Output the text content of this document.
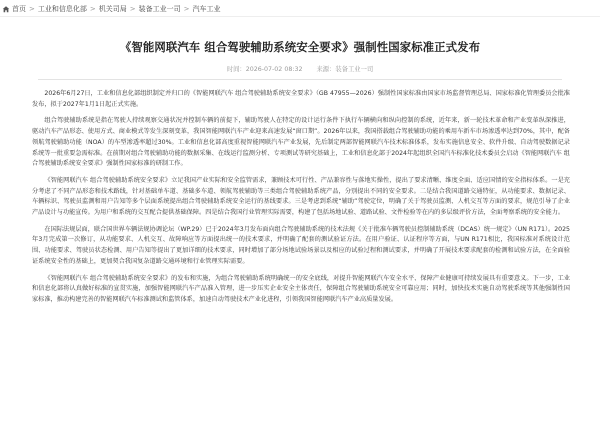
首页 > 工业和信息化部 > 机关司局 > 装备工业一司 > 汽车工业
《智能网联汽车 组合驾驶辅助系统安全要求》强制性国家标准正式发布
时间：2026-07-02 08:32 来源：装备工业一司

2026年6月27日，工业和信息化部组织制定并归口的《智能网联汽车 组合驾驶辅助系统安全要求》（GB 47955—2026）强制性国家标准由国家市场监督管理总局、国家标准化管理委员会批准发布，拟于2027年1月1日起正式实施。

组合驾驶辅助系统是指在驾驶人持续观察交通状况并控制车辆的前提下，辅助驾驶人在特定的设计运行条件下执行车辆横向和纵向控制的系统，近年来，新一轮技术革命和产业变革纵深推进，驱动汽车产品形态、使用方式、商业模式等发生深刻变革，我国智能网联汽车产业迎来高速发展“窗口期”。2026年以来，我国搭载组合驾驶辅助功能的乘用车新车市场渗透率达到70%，其中，配备领航驾驶辅助功能（NOA）的车型渗透率超过30%。工业和信息化部高度重视智能网联汽车产业发展，先后制定两部智能网联汽车技术标准体系，发布实施信息安全、软件升级、自动驾驶数据记录系统等一批重要急需标准。在前期对组合驾驶辅助功能的数据采集、在线运行监测分析、专项测试等研究基础上，工业和信息化部于2024年起组织全国汽车标准化技术委员会启动《智能网联汽车 组合驾驶辅助系统安全要求》强制性国家标准的研制工作。

《智能网联汽车 组合驾驶辅助系统安全要求》立足我国产业实际和安全监管需求，兼顾技术可行性、产品兼容性与落地实操性，提出了要求清晰、维度全面、适应国情的安全指标体系。一是充分考虑了不同产品形态和技术路线，针对基础单车道、基础多车道、领航驾驶辅助等三类组合驾驶辅助系统产品，分别提出不同的安全要求。二是结合我国道路交通特征，从功能要求、数据记录、车辆标识、驾驶员监测和用户告知等多个层面系统提出组合驾驶辅助系统安全运行的基线要求。三是考虑到系统“辅助”驾驶定位，明确了关于驾驶员监测、人机交互等方面的要求，规范引导了企业产品设计与功能宣传。为用户和系统的交互配合提供基础保障。四是结合我国行业管理实际需要，构建了包括场地试验、道路试验、文件检验等在内的多层级评价方法，全面考察系统的安全能力。

在国际法规层面，联合国世界车辆法规协调论坛（WP.29）已于2024年3月发布面向组合驾驶辅助系统的技术法规《关于批准车辆驾驶员控制辅助系统（DCAS）统一规定》（UN R171）。2025年3月完成第一次修订，从功能要求、人机交互、故障响应等方面提出统一的技术要求，并明确了配套的测试验证方法。在用户验证、认证程序等方面，与UN R171相比，我国标准对系统设计范围、功能要求、驾驶员状态检测、用户告知等提出了更加详细的技术要求，同时增加了部分场地试验场景以及相应的试验过程和测试要求，并明确了开展技术要求配套的检测和试验方法，在全面验证系统安全性的基础上，更加契合我国复杂道路交通环境和行业管理实际需要。

《智能网联汽车 组合驾驶辅助系统安全要求》的发布和实施，为组合驾驶辅助系统明确统一的安全底线，对提升智能网联汽车安全水平、保障产业健康可持续发展具有重要意义。下一步，工业和信息化部将认真做好标准的宣贯实施，加强智能网联汽车产品准入管理，进一步压实企业安全主体责任，保障组合驾驶辅助系统安全可靠应用；同时，加快技术实施自动驾驶系统等其他强制性国家标准，推动构建完善的智能网联汽车标准测试和监管体系，加速自动驾驶技术产业化进程，引领我国智能网联汽车产业高质量发展。
